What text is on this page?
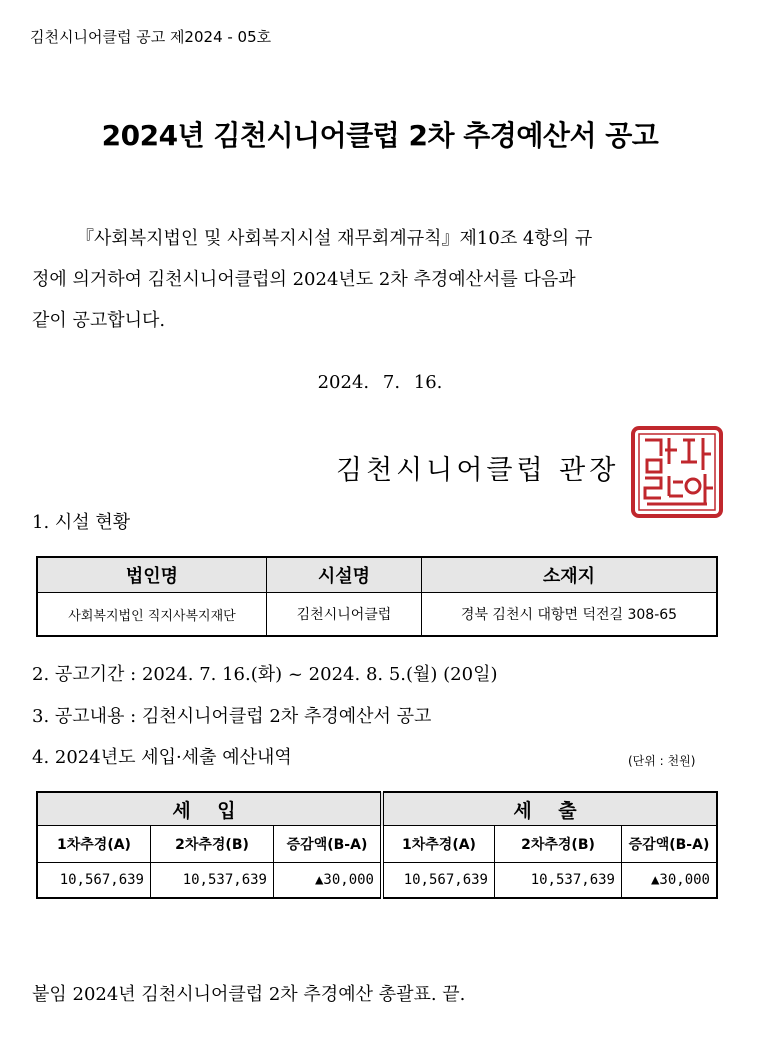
김천시니어클럽 공고 제2024 - 05호
2024년 김천시니어클럽 2차 추경예산서 공고

『사회복지법인 및 사회복지시설 재무회계규칙』제10조 4항의 규

정에 의거하여 김천시니어클럽의 2024년도 2차 추경예산서를 다음과

같이 공고합니다.

2024. 7. 16.
김천시니어클럽 관장
1. 시설 현황
법인명	시설명	소재지
사회복지법인 직지사복지재단	김천시니어클럽	경북 김천시 대항면 덕전길 308-65
2. 공고기간 : 2024. 7. 16.(화) ~ 2024. 8. 5.(월) (20일)
3. 공고내용 : 김천시니어클럽 2차 추경예산서 공고
4. 2024년도 세입·세출 예산내역	(단위 : 천원)
세 입			세 출		
1차추경(A)	2차추경(B)	증감액(B-A)	1차추경(A)	2차추경(B)	증감액(B-A)
10,567,639	10,537,639	▲30,000	10,567,639	10,537,639	▲30,000
붙임 2024년 김천시니어클럽 2차 추경예산 총괄표. 끝.
